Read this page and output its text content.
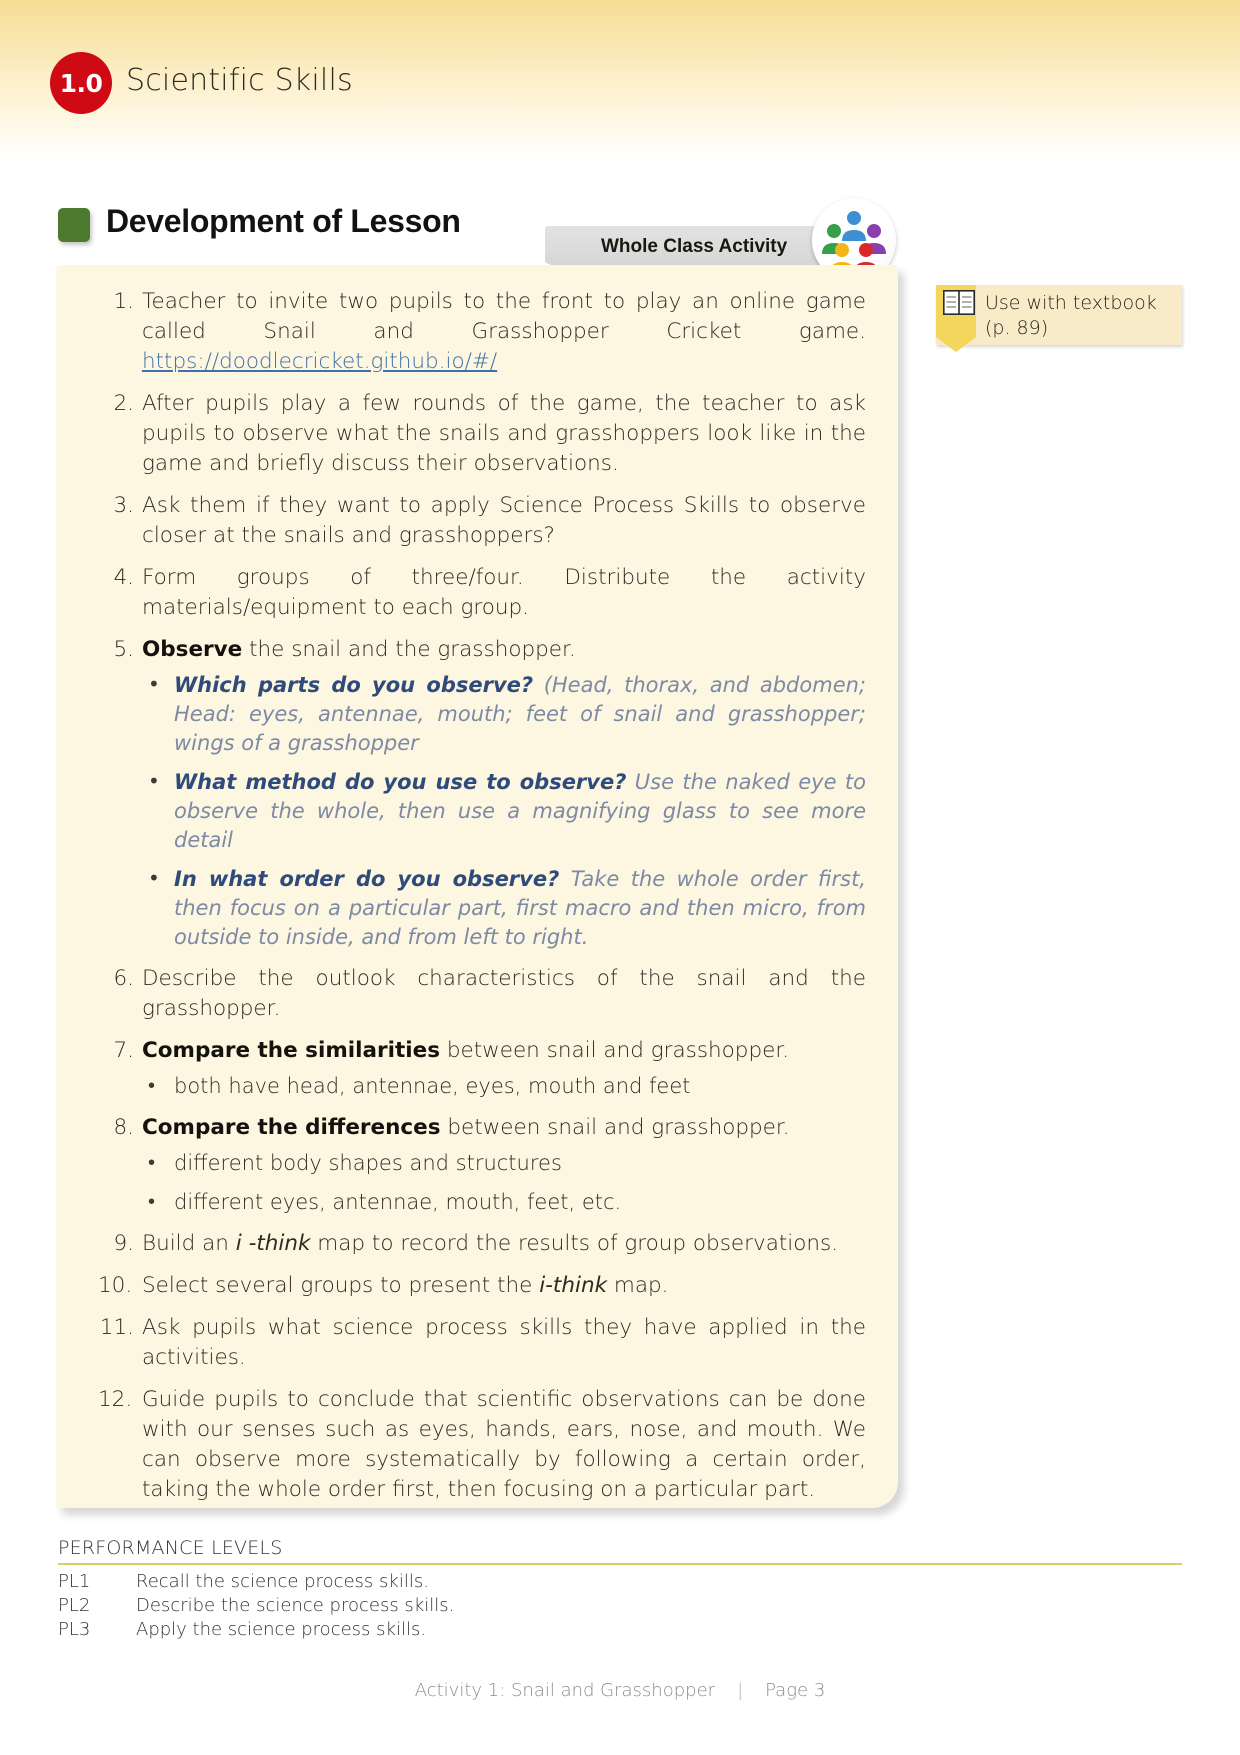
1.0 Scientific Skills
Development of Lesson
Whole Class Activity
Use with textbook
(p. 89)
1. Teacher to invite two pupils to the front to play an online game called Snail and Grasshopper Cricket game. https://doodlecricket.github.io/#/
2. After pupils play a few rounds of the game, the teacher to ask pupils to observe what the snails and grasshoppers look like in the game and briefly discuss their observations.
3. Ask them if they want to apply Science Process Skills to observe closer at the snails and grasshoppers?
4. Form groups of three/four. Distribute the activity materials/equipment to each group.
5. Observe the snail and the grasshopper.
• Which parts do you observe? (Head, thorax, and abdomen; Head: eyes, antennae, mouth; feet of snail and grasshopper; wings of a grasshopper
• What method do you use to observe? Use the naked eye to observe the whole, then use a magnifying glass to see more detail
• In what order do you observe? Take the whole order first, then focus on a particular part, first macro and then micro, from outside to inside, and from left to right.
6. Describe the outlook characteristics of the snail and the grasshopper.
7. Compare the similarities between snail and grasshopper.
• both have head, antennae, eyes, mouth and feet
8. Compare the differences between snail and grasshopper.
• different body shapes and structures
• different eyes, antennae, mouth, feet, etc.
9. Build an i -think map to record the results of group observations.
10. Select several groups to present the i-think map.
11. Ask pupils what science process skills they have applied in the activities.
12. Guide pupils to conclude that scientific observations can be done with our senses such as eyes, hands, ears, nose, and mouth. We can observe more systematically by following a certain order, taking the whole order first, then focusing on a particular part.
PERFORMANCE LEVELS
PL1	Recall the science process skills.
PL2	Describe the science process skills.
PL3	Apply the science process skills.
Activity 1: Snail and Grasshopper | Page 3
